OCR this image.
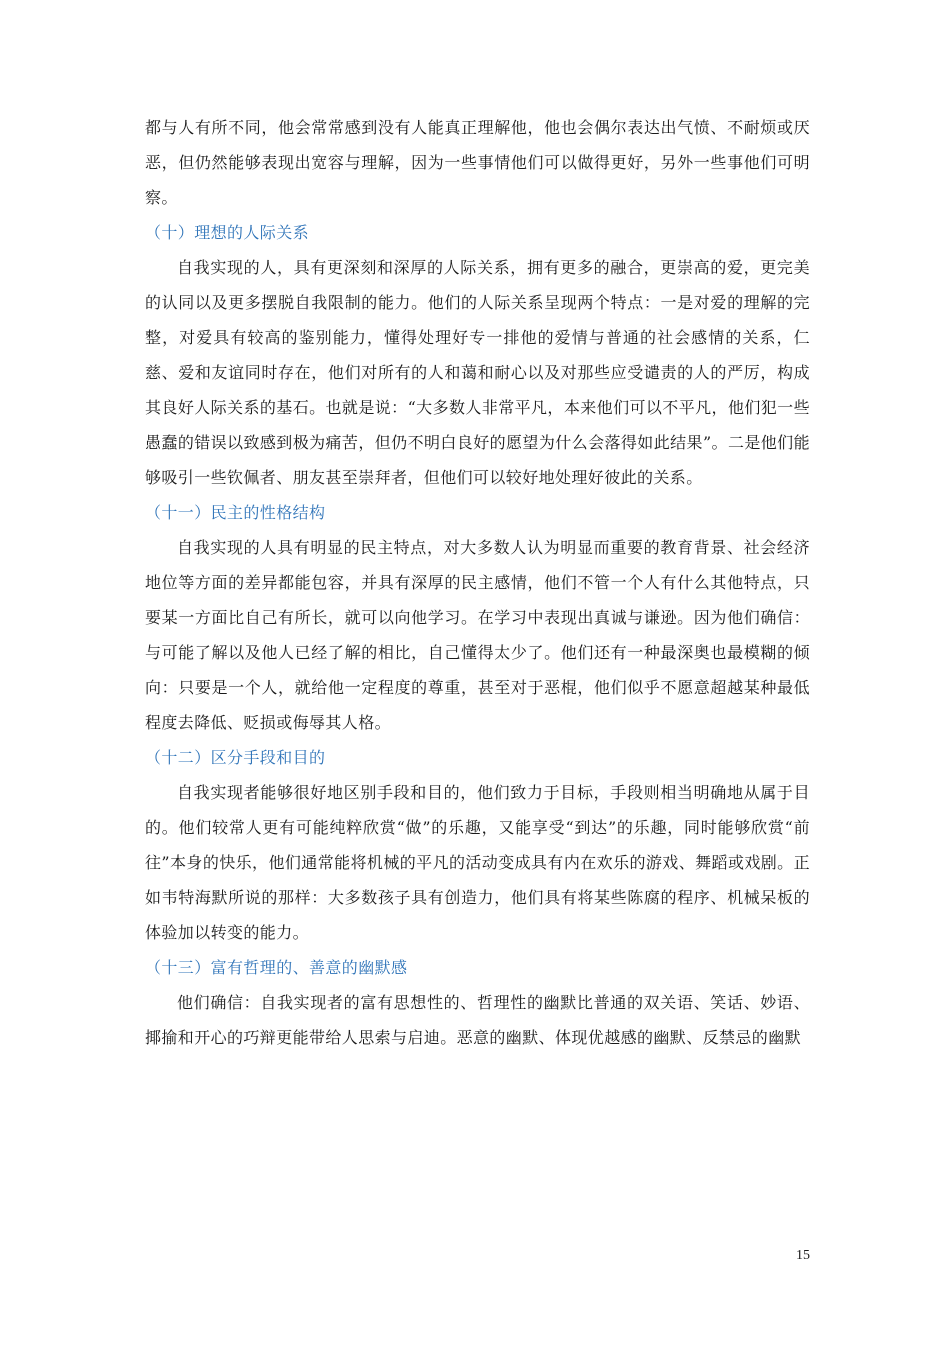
都与人有所不同，他会常常感到没有人能真正理解他，他也会偶尔表达出气愤、不耐烦或厌恶，但仍然能够表现出宽容与理解，因为一些事情他们可以做得更好，另外一些事他们可明察。

（十）理想的人际关系

自我实现的人，具有更深刻和深厚的人际关系，拥有更多的融合，更崇高的爱，更完美的认同以及更多摆脱自我限制的能力。他们的人际关系呈现两个特点：一是对爱的理解的完整，对爱具有较高的鉴别能力，懂得处理好专一排他的爱情与普通的社会感情的关系，仁慈、爱和友谊同时存在，他们对所有的人和蔼和耐心以及对那些应受谴责的人的严厉，构成其良好人际关系的基石。也就是说：“大多数人非常平凡，本来他们可以不平凡，他们犯一些愚蠢的错误以致感到极为痛苦，但仍不明白良好的愿望为什么会落得如此结果”。二是他们能够吸引一些钦佩者、朋友甚至崇拜者，但他们可以较好地处理好彼此的关系。

（十一）民主的性格结构

自我实现的人具有明显的民主特点，对大多数人认为明显而重要的教育背景、社会经济地位等方面的差异都能包容，并具有深厚的民主感情，他们不管一个人有什么其他特点，只要某一方面比自己有所长，就可以向他学习。在学习中表现出真诚与谦逊。因为他们确信：与可能了解以及他人已经了解的相比，自己懂得太少了。他们还有一种最深奥也最模糊的倾向：只要是一个人，就给他一定程度的尊重，甚至对于恶棍，他们似乎不愿意超越某种最低程度去降低、贬损或侮辱其人格。

（十二）区分手段和目的

自我实现者能够很好地区别手段和目的，他们致力于目标，手段则相当明确地从属于目的。他们较常人更有可能纯粹欣赏“做”的乐趣，又能享受“到达”的乐趣，同时能够欣赏“前往”本身的快乐，他们通常能将机械的平凡的活动变成具有内在欢乐的游戏、舞蹈或戏剧。正如韦特海默所说的那样：大多数孩子具有创造力，他们具有将某些陈腐的程序、机械呆板的体验加以转变的能力。

（十三）富有哲理的、善意的幽默感

他们确信：自我实现者的富有思想性的、哲理性的幽默比普通的双关语、笑话、妙语、揶揄和开心的巧辩更能带给人思索与启迪。恶意的幽默、体现优越感的幽默、反禁忌的幽默

15
